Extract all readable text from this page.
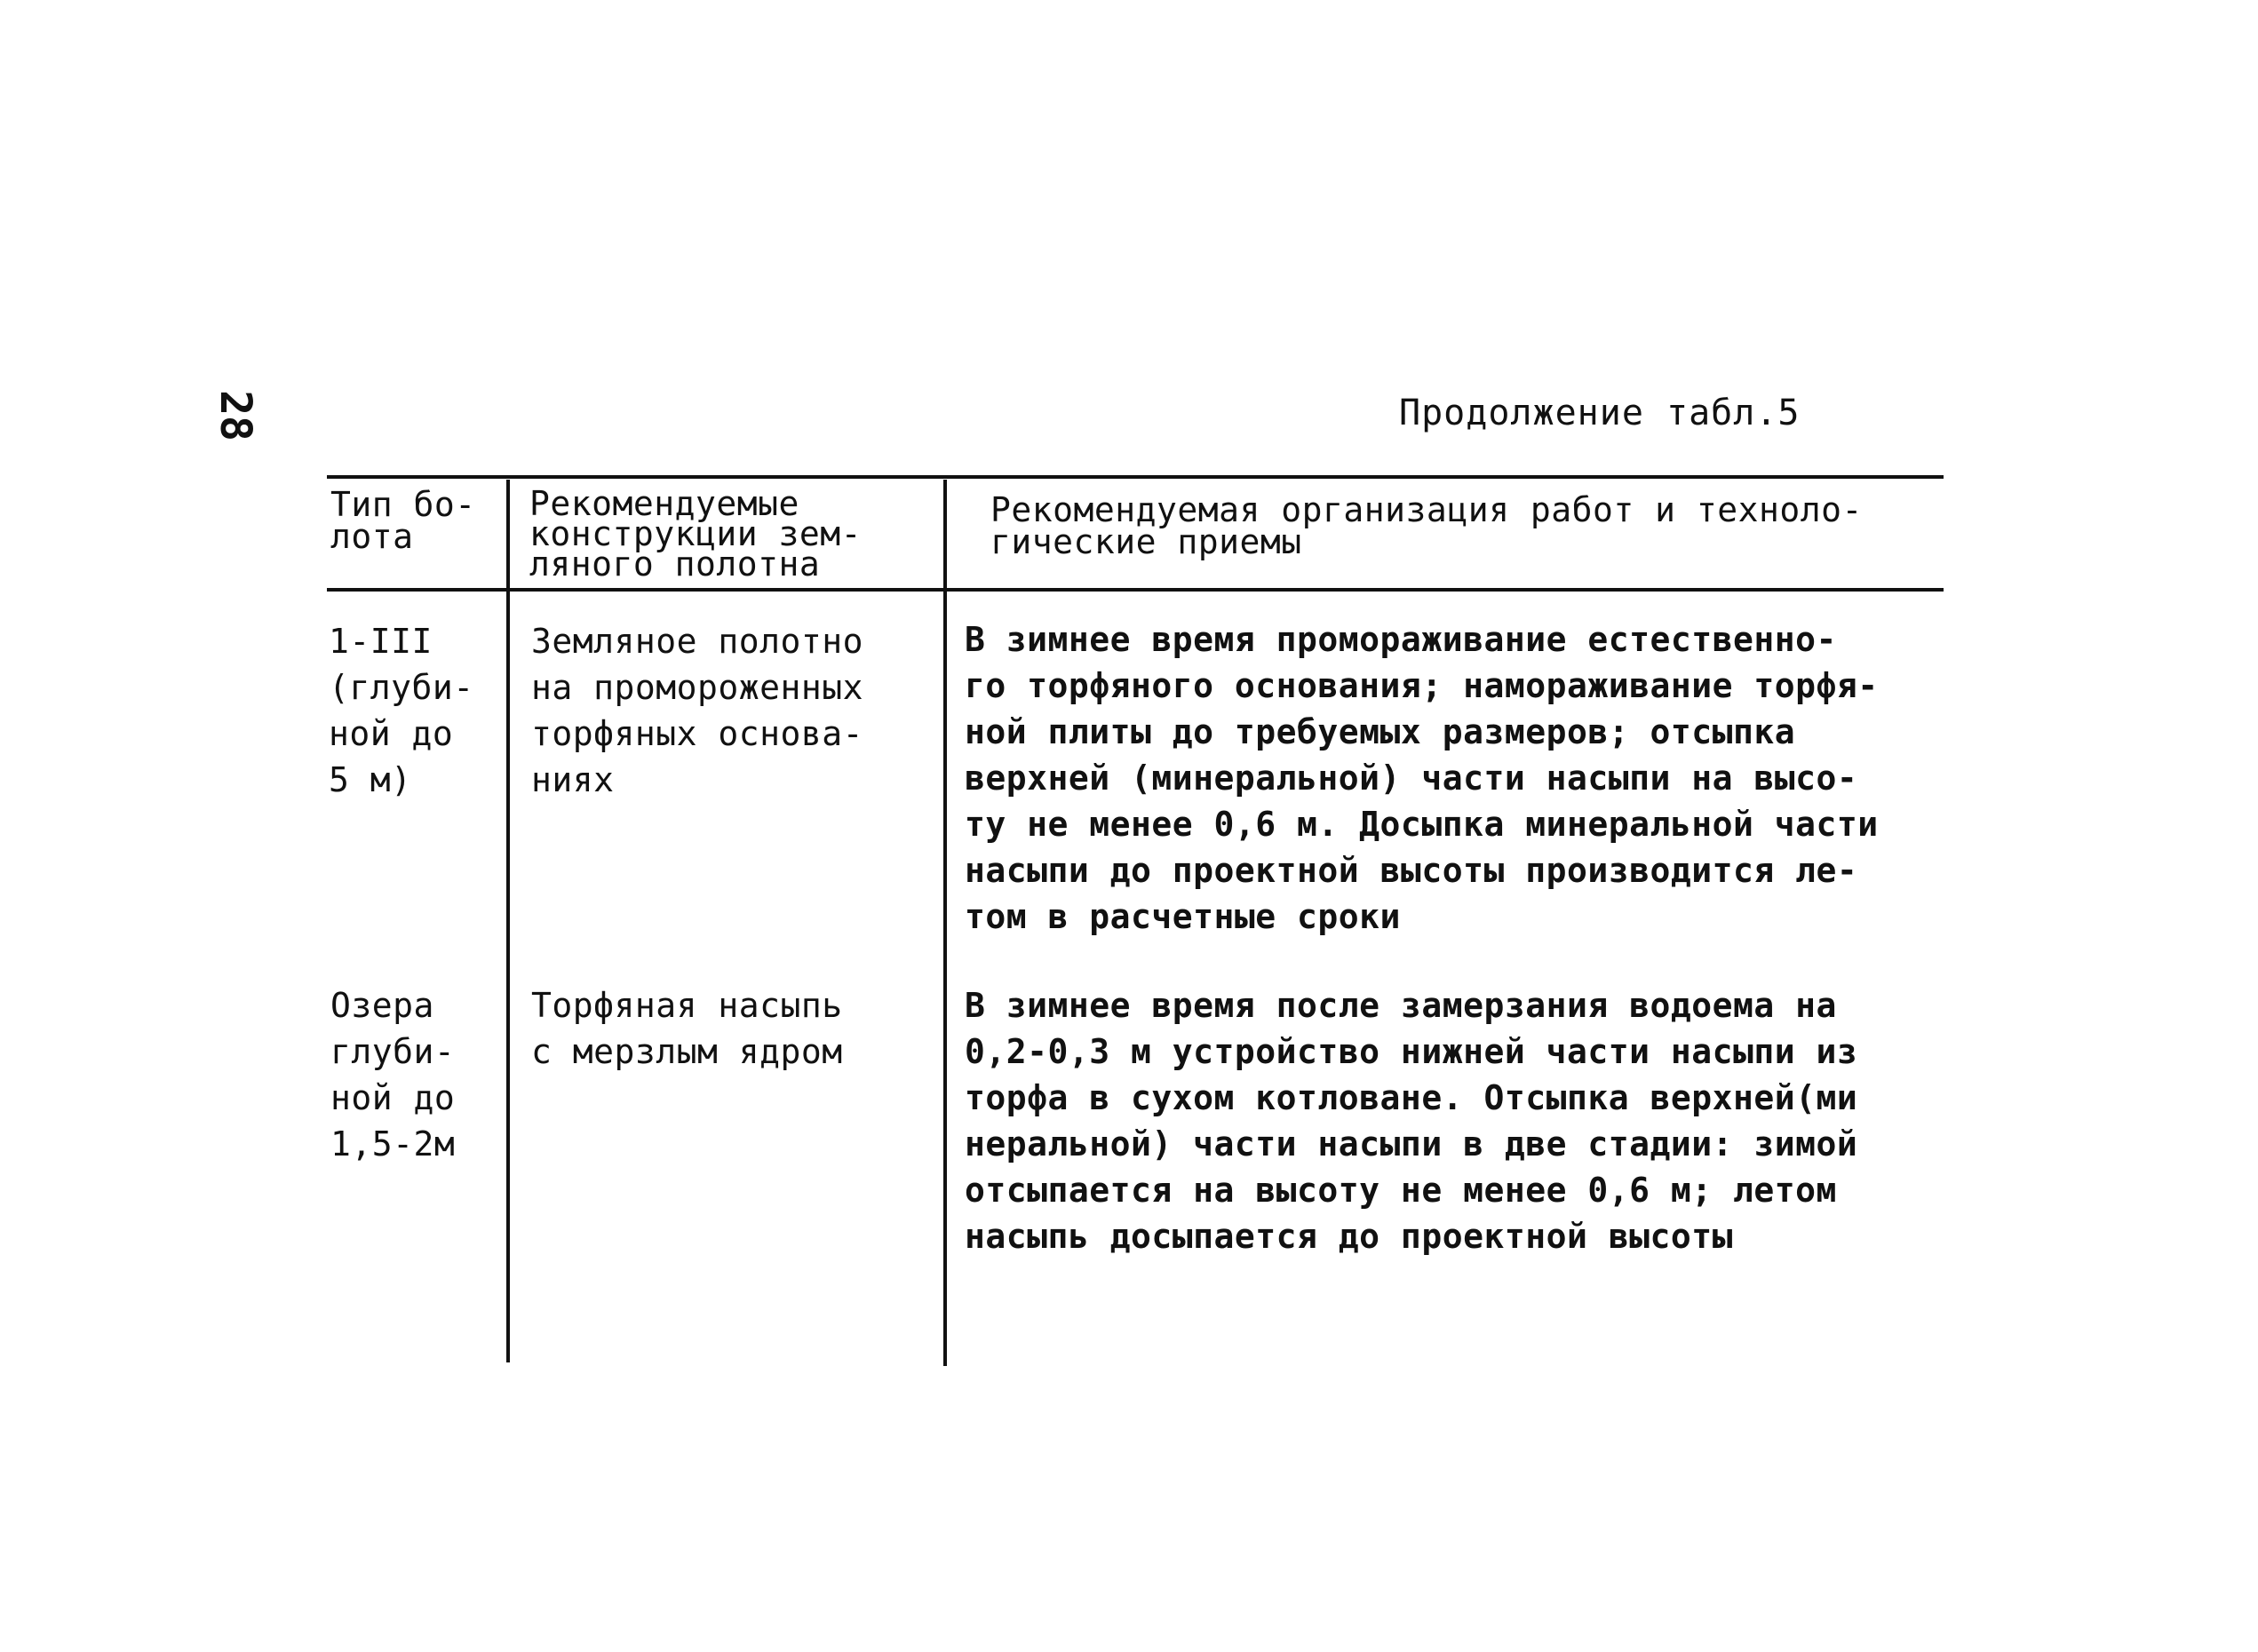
28	Продолжение табл.5
Тип бо-
лота
Рекомендуемые
конструкции зем-
ляного полотна
Рекомендуемая организация работ и техноло-
гические приемы
1-III
(глуби-
ной до
5 м)
Земляное полотно
на промороженных
торфяных основа-
ниях
В зимнее время промораживание естественно-
го торфяного основания; намораживание торфя-
ной плиты до требуемых размеров; отсыпка
верхней (минеральной) части насыпи на высо-
ту не менее 0,6 м. Досыпка минеральной части
насыпи до проектной высоты производится ле-
том в расчетные сроки
Озера
глуби-
ной до
1,5-2м
Торфяная насыпь
с мерзлым ядром
В зимнее время после замерзания водоема на
0,2-0,3 м устройство нижней части насыпи из
торфа в сухом котловане. Отсыпка верхней(ми
неральной) части насыпи в две стадии: зимой
отсыпается на высоту не менее 0,6 м; летом
насыпь досыпается до проектной высоты
